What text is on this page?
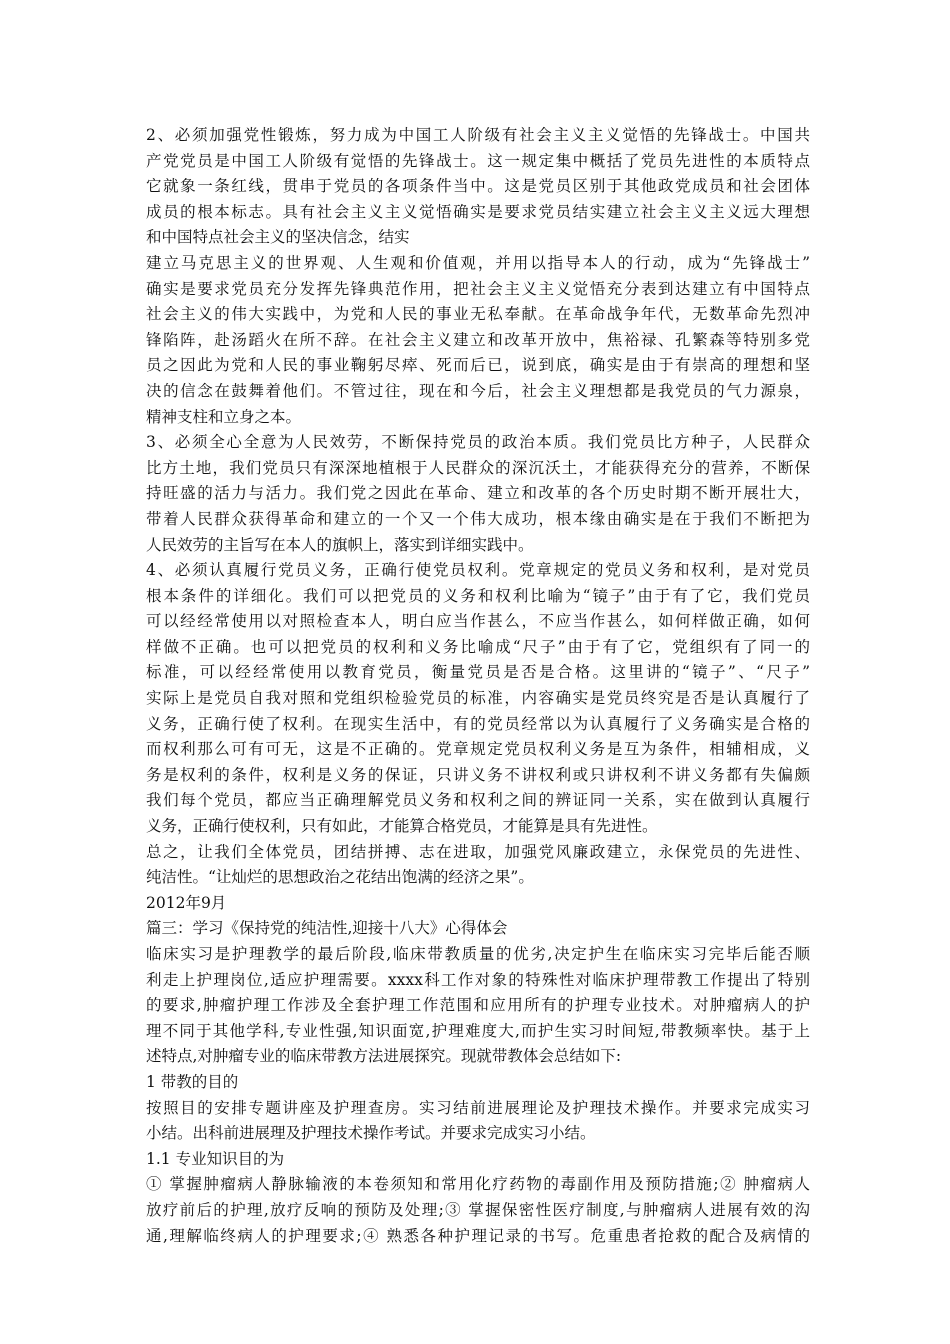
2、必须加强党性锻炼，努力成为中国工人阶级有社会主义主义觉悟的先锋战士。中国共
产党党员是中国工人阶级有觉悟的先锋战士。这一规定集中概括了党员先进性的本质特点
它就象一条红线，贯串于党员的各项条件当中。这是党员区别于其他政党成员和社会团体
成员的根本标志。具有社会主义主义觉悟确实是要求党员结实建立社会主义主义远大理想
和中国特点社会主义的坚决信念，结实
建立马克思主义的世界观、人生观和价值观，并用以指导本人的行动，成为“先锋战士”
确实是要求党员充分发挥先锋典范作用，把社会主义主义觉悟充分表到达建立有中国特点
社会主义的伟大实践中，为党和人民的事业无私奉献。在革命战争年代，无数革命先烈冲
锋陷阵，赴汤蹈火在所不辞。在社会主义建立和改革开放中，焦裕禄、孔繁森等特别多党
员之因此为党和人民的事业鞠躬尽瘁、死而后已，说到底，确实是由于有崇高的理想和坚
决的信念在鼓舞着他们。不管过往，现在和今后，社会主义理想都是我党员的气力源泉，
精神支柱和立身之本。
3、必须全心全意为人民效劳，不断保持党员的政治本质。我们党员比方种子，人民群众
比方土地，我们党员只有深深地植根于人民群众的深沉沃土，才能获得充分的营养，不断保
持旺盛的活力与活力。我们党之因此在革命、建立和改革的各个历史时期不断开展壮大，
带着人民群众获得革命和建立的一个又一个伟大成功，根本缘由确实是在于我们不断把为
人民效劳的主旨写在本人的旗帜上，落实到详细实践中。
4、必须认真履行党员义务，正确行使党员权利。党章规定的党员义务和权利，是对党员
根本条件的详细化。我们可以把党员的义务和权利比喻为“镜子”由于有了它，我们党员
可以经经常使用以对照检查本人，明白应当作甚么，不应当作甚么，如何样做正确，如何
样做不正确。也可以把党员的权利和义务比喻成“尺子”由于有了它，党组织有了同一的
标准，可以经经常使用以教育党员，衡量党员是否是合格。这里讲的“镜子”、“尺子”
实际上是党员自我对照和党组织检验党员的标准，内容确实是党员终究是否是认真履行了
义务，正确行使了权利。在现实生活中，有的党员经常以为认真履行了义务确实是合格的
而权利那么可有可无，这是不正确的。党章规定党员权利义务是互为条件，相辅相成，义
务是权利的条件，权利是义务的保证，只讲义务不讲权利或只讲权利不讲义务都有失偏颇
我们每个党员，都应当正确理解党员义务和权利之间的辨证同一关系，实在做到认真履行
义务，正确行使权利，只有如此，才能算合格党员，才能算是具有先进性。
总之，让我们全体党员，团结拼搏、志在进取，加强党风廉政建立，永保党员的先进性、
纯洁性。“让灿烂的思想政治之花结出饱满的经济之果”。
2012年9月
篇三：学习《保持党的纯洁性,迎接十八大》心得体会
临床实习是护理教学的最后阶段,临床带教质量的优劣,决定护生在临床实习完毕后能否顺
利走上护理岗位,适应护理需要。xxxx科工作对象的特殊性对临床护理带教工作提出了特别
的要求,肿瘤护理工作涉及全套护理工作范围和应用所有的护理专业技术。对肿瘤病人的护
理不同于其他学科,专业性强,知识面宽,护理难度大,而护生实习时间短,带教频率快。基于上
述特点,对肿瘤专业的临床带教方法进展探究。现就带教体会总结如下:
1 带教的目的
按照目的安排专题讲座及护理查房。实习结前进展理论及护理技术操作。并要求完成实习
小结。出科前进展理及护理技术操作考试。并要求完成实习小结。
1.1 专业知识目的为
① 掌握肿瘤病人静脉输液的本卷须知和常用化疗药物的毒副作用及预防措施;② 肿瘤病人
放疗前后的护理,放疗反响的预防及处理;③ 掌握保密性医疗制度,与肿瘤病人进展有效的沟
通,理解临终病人的护理要求;④ 熟悉各种护理记录的书写。危重患者抢救的配合及病情的
